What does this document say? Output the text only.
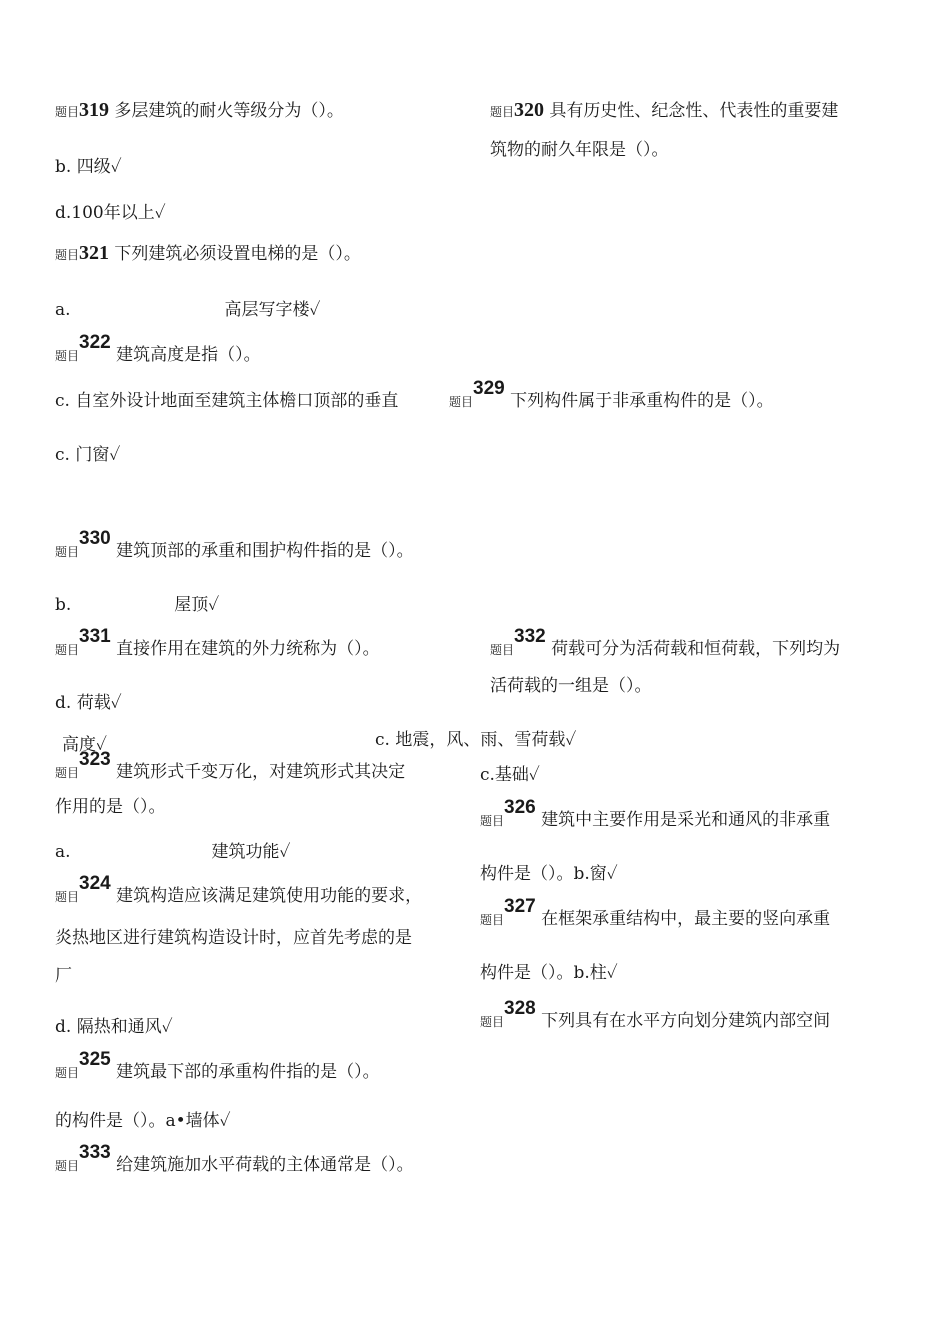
题目319 多层建筑的耐火等级分为（）。	题目320 具有历史性、纪念性、代表性的重要建
筑物的耐久年限是（）。
b. 四级✓
d.100年以上✓
题目321 下列建筑必须设置电梯的是（）。
a.	高层写字楼✓
题目322 建筑高度是指（）。
c. 自室外设计地面至建筑主体檐口顶部的垂直	题目329 下列构件属于非承重构件的是（）。
c. 门窗✓
题目330 建筑顶部的承重和围护构件指的是（）。
b.	屋顶✓
题目331 直接作用在建筑的外力统称为（）。	题目332 荷载可分为活荷载和恒荷载，下列均为
活荷载的一组是（）。
d. 荷载✓
高度✓	c. 地震，风、雨、雪荷载✓
题目323 建筑形式千变万化，对建筑形式其决定	c.基础✓
作用的是（）。
题目326 建筑中主要作用是采光和通风的非承重
a.	建筑功能✓
构件是（）。b.窗✓
题目324 建筑构造应该满足建筑使用功能的要求，
题目327 在框架承重结构中，最主要的竖向承重
炎热地区进行建筑构造设计时，应首先考虑的是
构件是（）。b.柱✓
厂
题目328 下列具有在水平方向划分建筑内部空间
d. 隔热和通风✓
题目325 建筑最下部的承重构件指的是（）。
的构件是（）。a•墙体✓
题目333 给建筑施加水平荷载的主体通常是（）。
